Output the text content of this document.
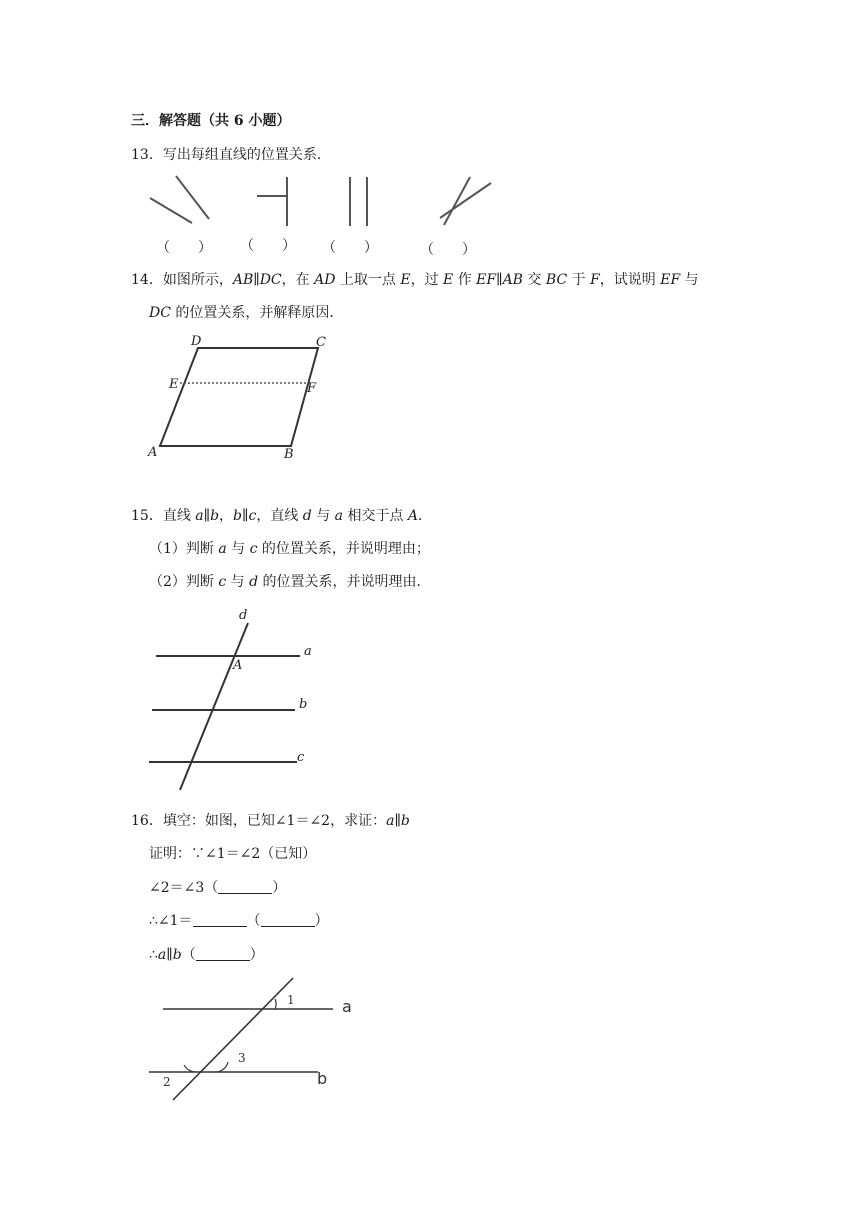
三．解答题（共 6 小题）
13．写出每组直线的位置关系．
（　　） （　　） （　　）	（　　）
14．如图所示，AB∥DC，在 AD 上取一点 E，过 E 作 EF∥AB 交 BC 于 F，试说明 EF 与
DC 的位置关系，并解释原因．
D	C
E	F
A	B
15．直线 a∥b，b∥c，直线 d 与 a 相交于点 A．
（1）判断 a 与 c 的位置关系，并说明理由；
（2）判断 c 与 d 的位置关系，并说明理由．
d
a
A
b
c
16．填空：如图，已知∠1＝∠2，求证：a∥b
证明：∵∠1＝∠2（已知）
∠2＝∠3（	）
∴∠1＝	（	）
∴a∥b（	）
1	a
3
2	b
